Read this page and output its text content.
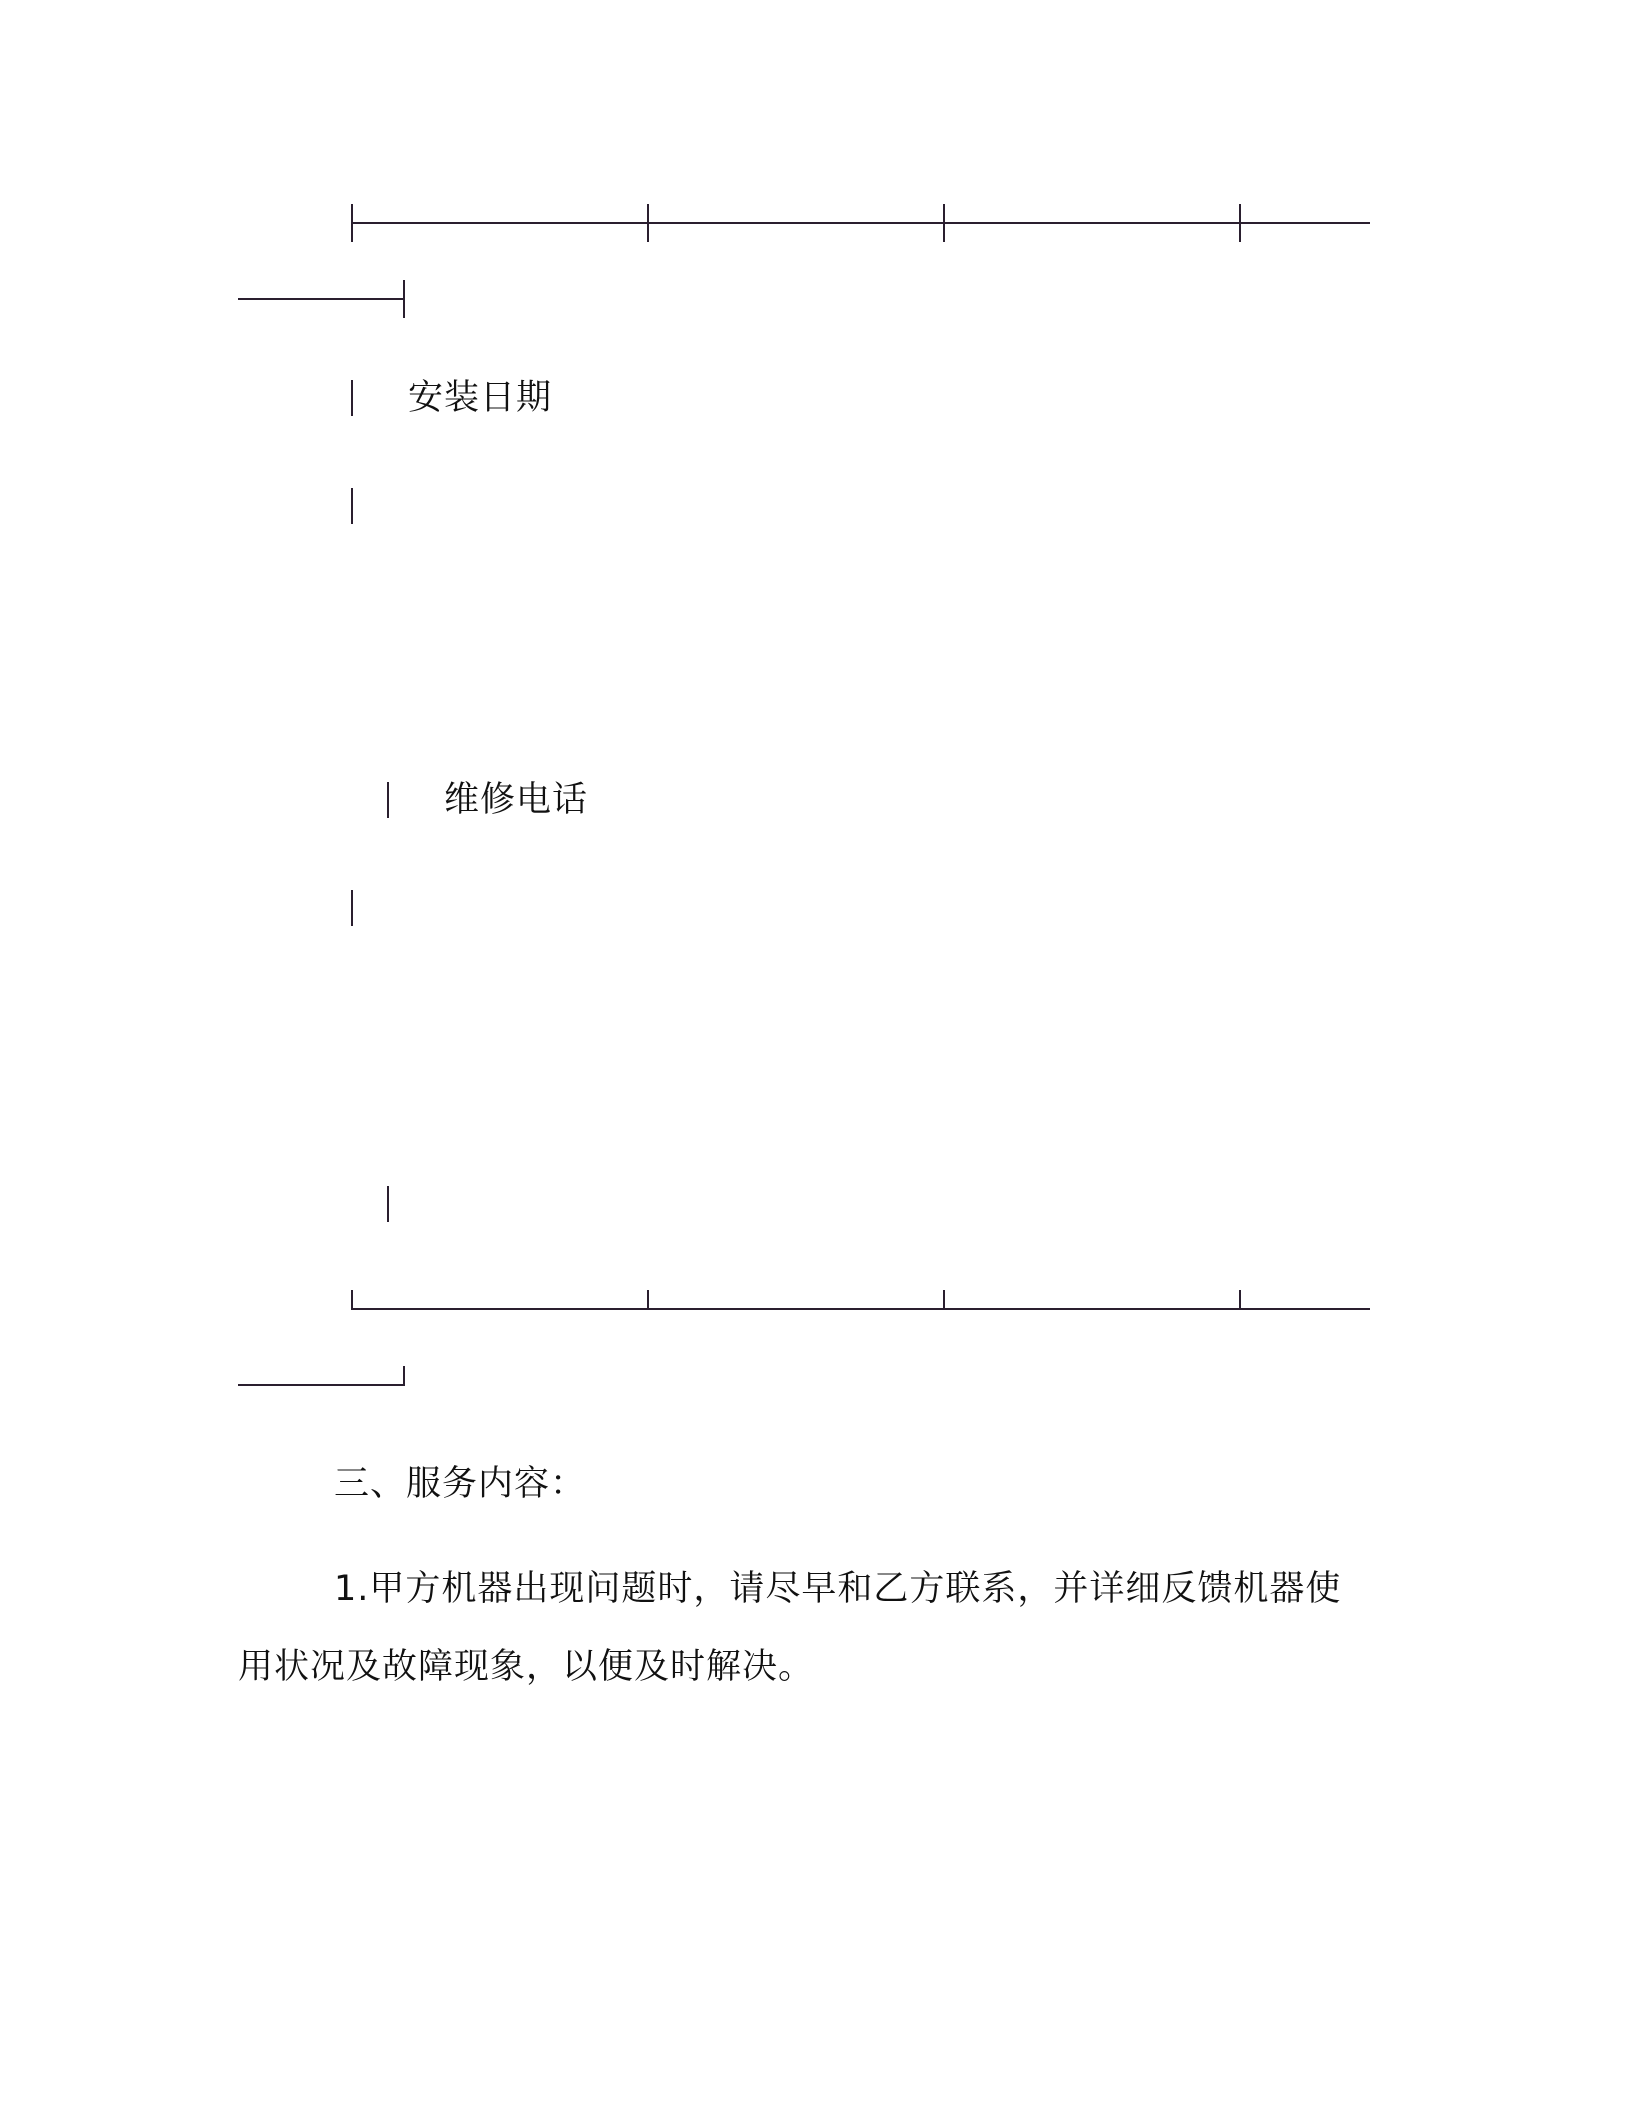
安装日期
维修电话
三、服务内容：
1.甲方机器出现问题时，请尽早和乙方联系，并详细反馈机器使
用状况及故障现象，以便及时解决。
